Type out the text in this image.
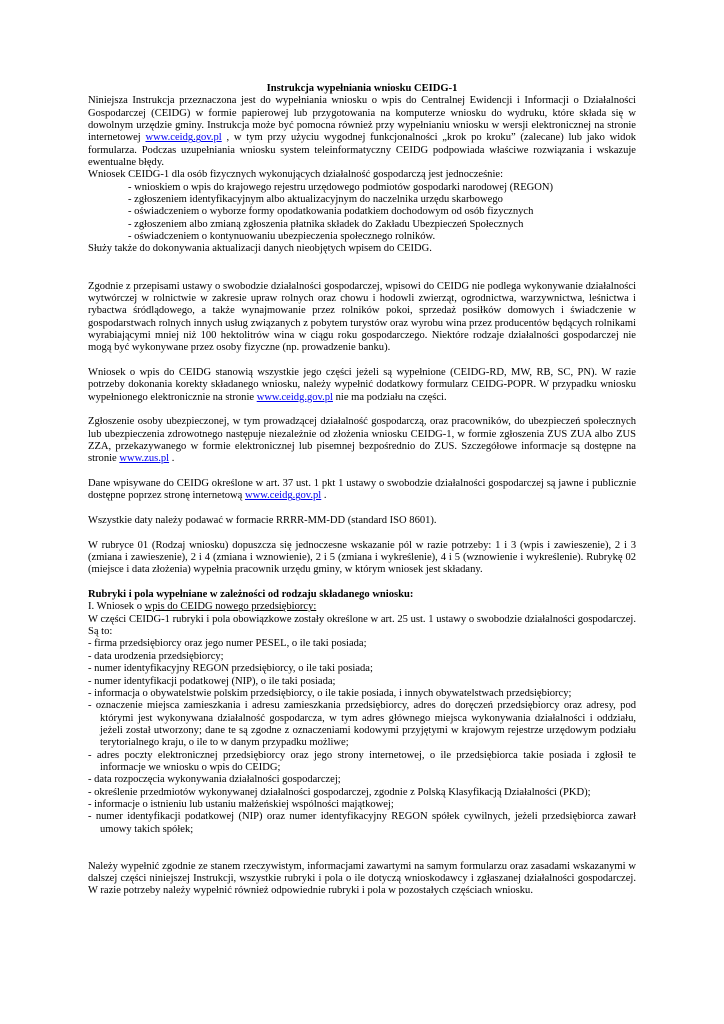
Instrukcja wypełniania wniosku CEIDG-1

Niniejsza Instrukcja przeznaczona jest do wypełniania wniosku o wpis do Centralnej Ewidencji i Informacji o Działalności Gospodarczej (CEIDG) w formie papierowej lub przygotowania na komputerze wniosku do wydruku, które składa się w dowolnym urzędzie gminy. Instrukcja może być pomocna również przy wypełnianiu wniosku w wersji elektronicznej na stronie internetowej www.ceidg.gov.pl , w tym przy użyciu wygodnej funkcjonalności „krok po kroku” (zalecane) lub jako widok formularza. Podczas uzupełniania wniosku system teleinformatyczny CEIDG podpowiada właściwe rozwiązania i wskazuje ewentualne błędy.

Wniosek CEIDG-1 dla osób fizycznych wykonujących działalność gospodarczą jest jednocześnie:

- wnioskiem o wpis do krajowego rejestru urzędowego podmiotów gospodarki narodowej (REGON)
- zgłoszeniem identyfikacyjnym albo aktualizacyjnym do naczelnika urzędu skarbowego
- oświadczeniem o wyborze formy opodatkowania podatkiem dochodowym od osób fizycznych
- zgłoszeniem albo zmianą zgłoszenia płatnika składek do Zakładu Ubezpieczeń Społecznych
- oświadczeniem o kontynuowaniu ubezpieczenia społecznego rolników.

Służy także do dokonywania aktualizacji danych nieobjętych wpisem do CEIDG.

Zgodnie z przepisami ustawy o swobodzie działalności gospodarczej, wpisowi do CEIDG nie podlega wykonywanie działalności wytwórczej w rolnictwie w zakresie upraw rolnych oraz chowu i hodowli zwierząt, ogrodnictwa, warzywnictwa, leśnictwa i rybactwa śródlądowego, a także wynajmowanie przez rolników pokoi, sprzedaż posiłków domowych i świadczenie w gospodarstwach rolnych innych usług związanych z pobytem turystów oraz wyrobu wina przez producentów będących rolnikami wyrabiającymi mniej niż 100 hektolitrów wina w ciągu roku gospodarczego. Niektóre rodzaje działalności gospodarczej nie mogą być wykonywane przez osoby fizyczne (np. prowadzenie banku).

Wniosek o wpis do CEIDG stanowią wszystkie jego części jeżeli są wypełnione (CEIDG-RD, MW, RB, SC, PN). W razie potrzeby dokonania korekty składanego wniosku, należy wypełnić dodatkowy formularz CEIDG-POPR. W przypadku wniosku wypełnionego elektronicznie na stronie www.ceidg.gov.pl nie ma podziału na części.

Zgłoszenie osoby ubezpieczonej, w tym prowadzącej działalność gospodarczą, oraz pracowników, do ubezpieczeń społecznych lub ubezpieczenia zdrowotnego następuje niezależnie od złożenia wniosku CEIDG-1, w formie zgłoszenia ZUS ZUA albo ZUS ZZA, przekazywanego w formie elektronicznej lub pisemnej bezpośrednio do ZUS. Szczegółowe informacje są dostępne na stronie www.zus.pl .

Dane wpisywane do CEIDG określone w art. 37 ust. 1 pkt 1 ustawy o swobodzie działalności gospodarczej są jawne i publicznie dostępne poprzez stronę internetową www.ceidg.gov.pl .

Wszystkie daty należy podawać w formacie RRRR-MM-DD (standard ISO 8601).

W rubryce 01 (Rodzaj wniosku) dopuszcza się jednoczesne wskazanie pól w razie potrzeby: 1 i 3 (wpis i zawieszenie), 2 i 3 (zmiana i zawieszenie), 2 i 4 (zmiana i wznowienie), 2 i 5 (zmiana i wykreślenie), 4 i 5 (wznowienie i wykreślenie). Rubrykę 02 (miejsce i data złożenia) wypełnia pracownik urzędu gminy, w którym wniosek jest składany.

Rubryki i pola wypełniane w zależności od rodzaju składanego wniosku:

I. Wniosek o wpis do CEIDG nowego przedsiębiorcy:

W części CEIDG-1 rubryki i pola obowiązkowe zostały określone w art. 25 ust. 1 ustawy o swobodzie działalności gospodarczej. Są to:

- firma przedsiębiorcy oraz jego numer PESEL, o ile taki posiada;
- data urodzenia przedsiębiorcy;
- numer identyfikacyjny REGON przedsiębiorcy, o ile taki posiada;
- numer identyfikacji podatkowej (NIP), o ile taki posiada;
- informacja o obywatelstwie polskim przedsiębiorcy, o ile takie posiada, i innych obywatelstwach przedsiębiorcy;
- oznaczenie miejsca zamieszkania i adresu zamieszkania przedsiębiorcy, adres do doręczeń przedsiębiorcy oraz adresy, pod którymi jest wykonywana działalność gospodarcza, w tym adres głównego miejsca wykonywania działalności i oddziału, jeżeli został utworzony; dane te są zgodne z oznaczeniami kodowymi przyjętymi w krajowym rejestrze urzędowym podziału terytorialnego kraju, o ile to w danym przypadku możliwe;
- adres poczty elektronicznej przedsiębiorcy oraz jego strony internetowej, o ile przedsiębiorca takie posiada i zgłosił te informacje we wniosku o wpis do CEIDG;
- data rozpoczęcia wykonywania działalności gospodarczej;
- określenie przedmiotów wykonywanej działalności gospodarczej, zgodnie z Polską Klasyfikacją Działalności (PKD);
- informacje o istnieniu lub ustaniu małżeńskiej wspólności majątkowej;
- numer identyfikacji podatkowej (NIP) oraz numer identyfikacyjny REGON spółek cywilnych, jeżeli przedsiębiorca zawarł umowy takich spółek;

Należy wypełnić zgodnie ze stanem rzeczywistym, informacjami zawartymi na samym formularzu oraz zasadami wskazanymi w dalszej części niniejszej Instrukcji, wszystkie rubryki i pola o ile dotyczą wnioskodawcy i zgłaszanej działalności gospodarczej. W razie potrzeby należy wypełnić również odpowiednie rubryki i pola w pozostałych częściach wniosku.
